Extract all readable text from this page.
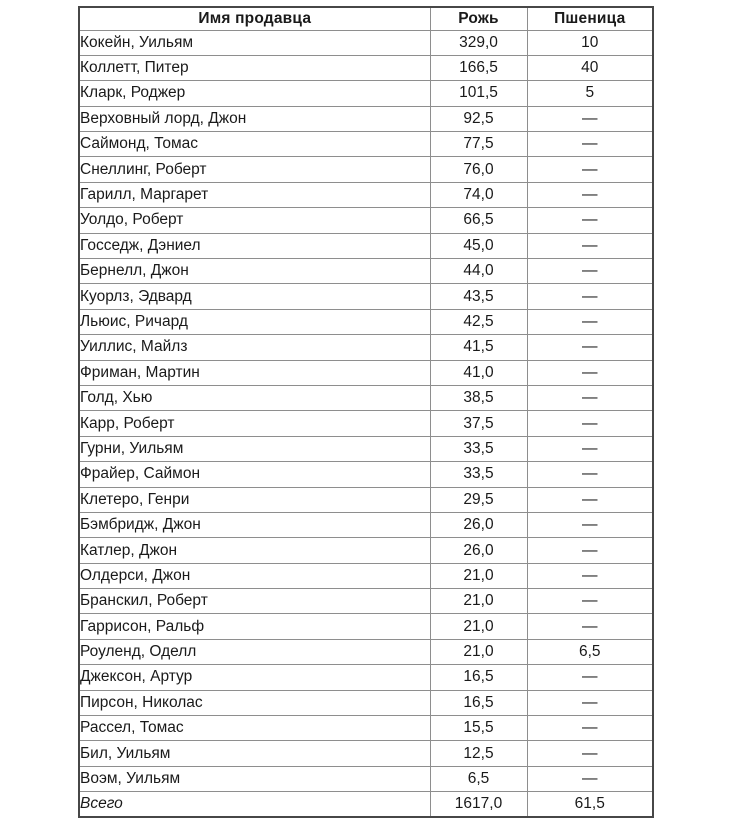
Имя продавца	Рожь	Пшеница
Кокейн, Уильям	329,0	10
Коллетт, Питер	166,5	40
Кларк, Роджер	101,5	5
Верховный лорд, Джон	92,5	—
Саймонд, Томас	77,5	—
Снеллинг, Роберт	76,0	—
Гарилл, Маргарет	74,0	—
Уолдо, Роберт	66,5	—
Госседж, Дэниел	45,0	—
Бернелл, Джон	44,0	—
Куорлз, Эдвард	43,5	—
Льюис, Ричард	42,5	—
Уиллис, Майлз	41,5	—
Фриман, Мартин	41,0	—
Голд, Хью	38,5	—
Карр, Роберт	37,5	—
Гурни, Уильям	33,5	—
Фрайер, Саймон	33,5	—
Клетеро, Генри	29,5	—
Бэмбридж, Джон	26,0	—
Катлер, Джон	26,0	—
Олдерси, Джон	21,0	—
Бранскил, Роберт	21,0	—
Гаррисон, Ральф	21,0	—
Роуленд, Оделл	21,0	6,5
Джексон, Артур	16,5	—
Пирсон, Николас	16,5	—
Рассел, Томас	15,5	—
Бил, Уильям	12,5	—
Воэм, Уильям	6,5	—
Всего	1617,0	61,5
